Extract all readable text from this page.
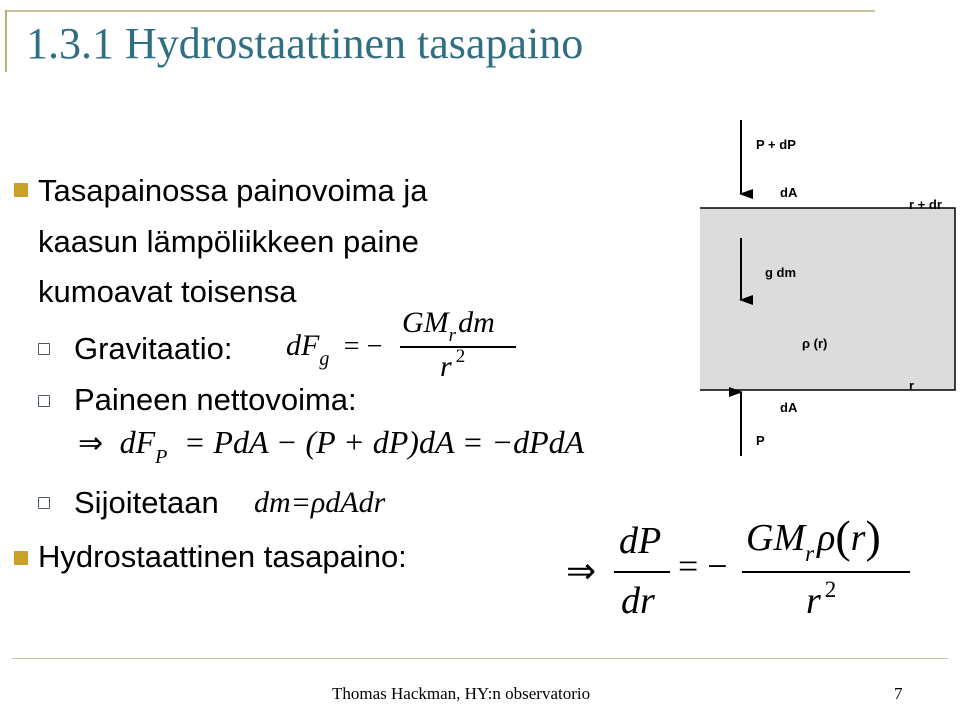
1.3.1 Hydrostaattinen tasapaino
Tasapainossa painovoima ja
kaasun lämpöliikkeen paine
kumoavat toisensa
Gravitaatio: dFg = −
GMrdm
r 2
Paineen nettovoima:
⇒ dFP = PdA − (P + dP)dA = −dPdA
Sijoitetaan dm=ρdAdr
Hydrostaattinen tasapaino:	⇒
dP
dr
= −
GMrρ(r)
r 2
P + dP
dA
r + dr
g dm
ρ (r)
r
dA
P
Thomas Hackman, HY:n observatorio	7
